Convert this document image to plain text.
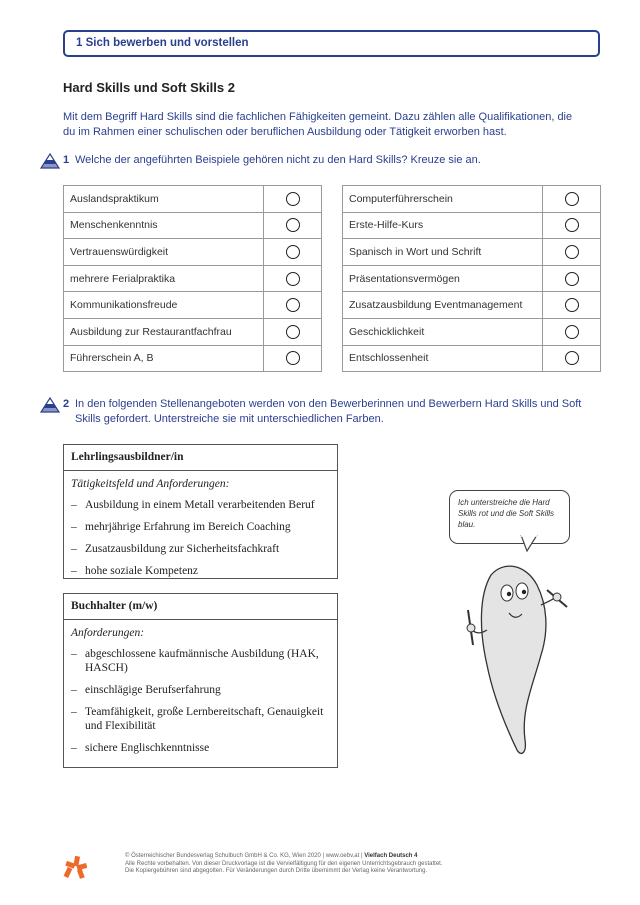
1 Sich bewerben und vorstellen
Hard Skills und Soft Skills 2
Mit dem Begriff Hard Skills sind die fachlichen Fähigkeiten gemeint. Dazu zählen alle Qualifikationen, die du im Rahmen einer schulischen oder beruflichen Ausbildung oder Tätigkeit erworben hast.
1 Welche der angeführten Beispiele gehören nicht zu den Hard Skills? Kreuze sie an.
Auslandspraktikum	
Menschenkenntnis	
Vertrauenswürdigkeit	
mehrere Ferialpraktika	
Kommunikationsfreude	
Ausbildung zur Restaurantfachfrau	
Führerschein A, B	
Computerführerschein	
Erste-Hilfe-Kurs	
Spanisch in Wort und Schrift	
Präsentationsvermögen	
Zusatzausbildung Eventmanagement	
Geschicklichkeit	
Entschlossenheit	
2 In den folgenden Stellenangeboten werden von den Bewerberinnen und Bewerbern Hard Skills und Soft Skills gefordert. Unterstreiche sie mit unterschiedlichen Farben.
Lehrlingsausbildner/in
Tätigkeitsfeld und Anforderungen:
– Ausbildung in einem Metall verarbeitenden Beruf
– mehrjährige Erfahrung im Bereich Coaching
– Zusatzausbildung zur Sicherheitsfachkraft
– hohe soziale Kompetenz
Buchhalter (m/w)
Anforderungen:
– abgeschlossene kaufmännische Ausbildung (HAK, HASCH)
– einschlägige Berufserfahrung
– Teamfähigkeit, große Lernbereitschaft, Genauigkeit und Flexibilität
– sichere Englischkenntnisse
Ich unterstreiche die Hard Skills rot und die Soft Skills blau.
© Österreichischer Bundesverlag Schulbuch GmbH & Co. KG, Wien 2020 | www.oebv.at | Vielfach Deutsch 4
Alle Rechte vorbehalten. Von dieser Druckvorlage ist die Vervielfältigung für den eigenen Unterrichtsgebrauch gestattet.
Die Kopiergebühren sind abgegolten. Für Veränderungen durch Dritte übernimmt der Verlag keine Verantwortung.
